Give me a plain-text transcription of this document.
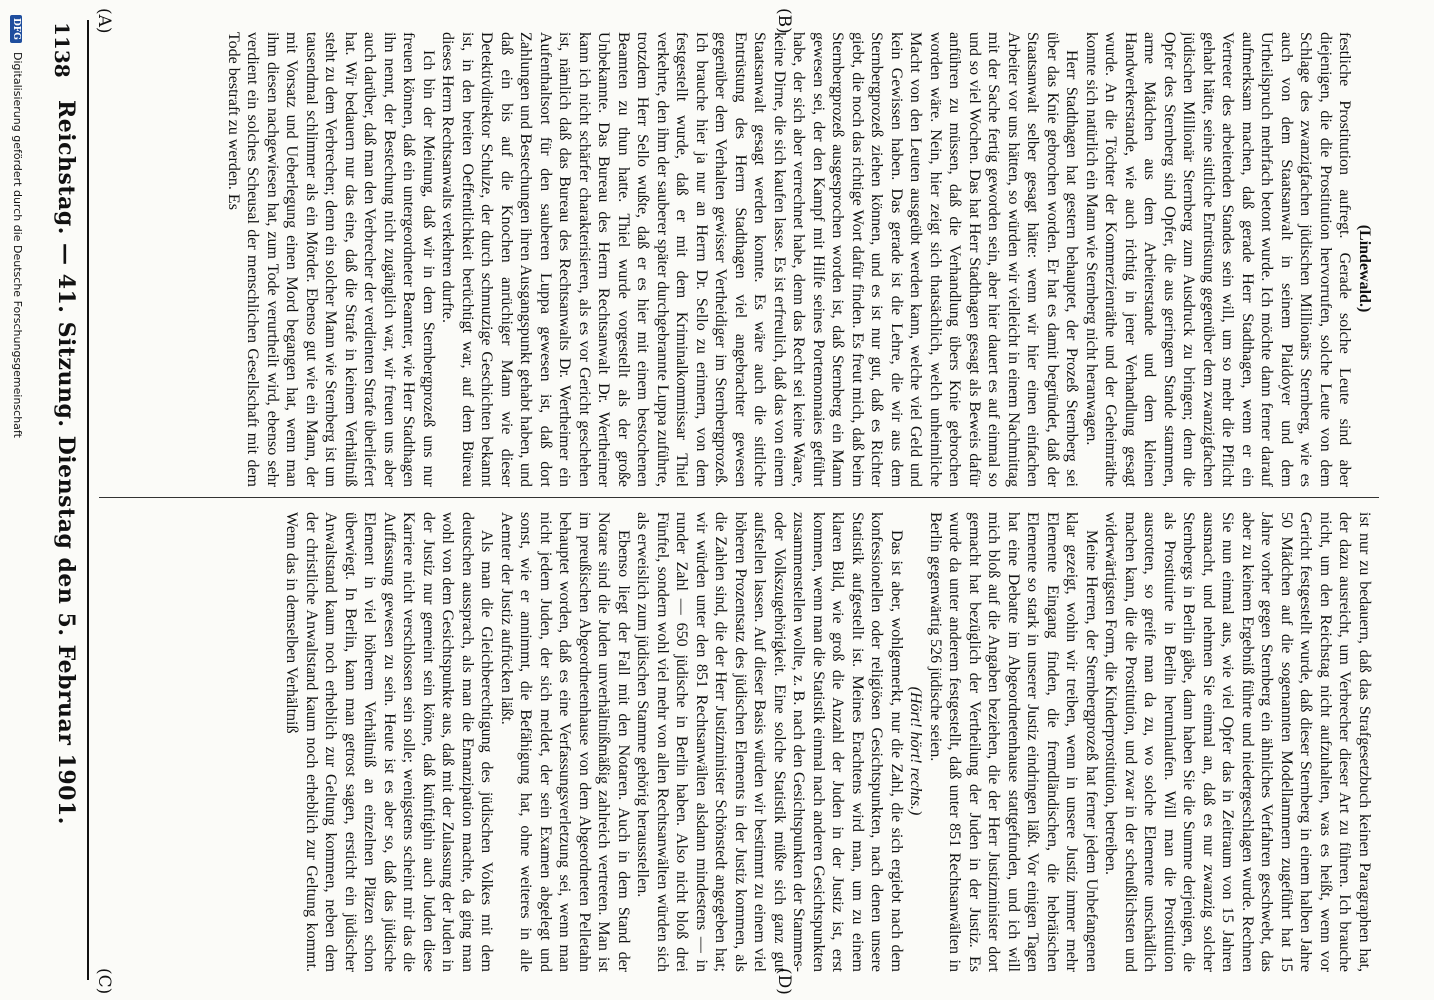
1138
Reichstag. — 41. Sitzung. Dienstag den 5. Februar 1901.
(A)	(B)
(C)	(D)

(Lindewald.)

festliche Prostitution aufregt. Gerade solche Leute sind aber diejenigen, die die Prostitution hervorrufen, solche Leute von dem Schlage des zwanzigfachen jüdischen Millionärs Sternberg, wie es auch von dem Staatsanwalt in seinem Plaidoyer und dem Urtheilspruch mehrfach betont wurde. Ich möchte dann ferner darauf aufmerksam machen, daß gerade Herr Stadthagen, wenn er ein Vertreter des arbeitenden Standes sein will, um so mehr die Pflicht gehabt hätte, seine sittliche Entrüstung gegenüber dem zwanzigfachen jüdischen Millionär Sternberg zum Ausdruck zu bringen; denn die Opfer des Sternberg sind Opfer, die aus geringem Stande stammen, arme Mädchen aus dem Arbeiterstande und dem kleinen Handwerkerstande, wie auch richtig in jener Verhandlung gesagt wurde. An die Töchter der Kommerzienräthe und der Geheimräthe konnte sich natürlich ein Mann wie Sternberg nicht heranwagen.

Herr Stadthagen hat gestern behauptet, der Prozeß Sternberg sei über das Knie gebrochen worden. Er hat es damit begründet, daß der Staatsanwalt selber gesagt hätte: wenn wir hier einen einfachen Arbeiter vor uns hätten, so würden wir vielleicht in einem Nachmittag mit der Sache fertig geworden sein, aber hier dauert es auf einmal so und so viel Wochen. Das hat Herr Stadthagen gesagt als Beweis dafür anführen zu müssen, daß die Verhandlung übers Knie gebrochen worden wäre. Nein, hier zeigt sich thatsächlich, welch unheimliche Macht von den Leuten ausgeübt werden kann, welche viel Geld und kein Gewissen haben. Das gerade ist die Lehre, die wir aus dem Sternbergprozeß ziehen können, und es ist nur gut, daß es Richter giebt, die noch das richtige Wort dafür finden. Es freut mich, daß beim Sternbergprozeß ausgesprochen worden ist, daß Sternberg ein Mann gewesen sei, der den Kampf mit Hilfe seines Portemonnaies geführt habe, der sich aber verrechnet habe, denn das Recht sei keine Waare, keine Dirne, die sich kaufen lasse. Es ist erfreulich, daß das von einem Staatsanwalt gesagt werden konnte. Es wäre auch die sittliche Entrüstung des Herrn Stadthagen viel angebrachter gewesen gegenüber dem Verhalten gewisser Vertheidiger im Sternbergprozeß. Ich brauche hier ja nur an Herrn Dr. Sello zu erinnern, von dem festgestellt wurde, daß er mit dem Kriminalkommissar Thiel verkehrte, den ihm der sauberer später durchgebrannte Luppa zuführte, trotzdem Herr Sello wußte, daß er es hier mit einem bestochenen Beamten zu thun hatte. Thiel wurde vorgestellt als der große Unbekannte. Das Bureau des Herrn Rechtsanwalt Dr. Wertheimer kann ich nicht schärfer charakterisieren, als es vor Gericht geschehen ist, nämlich daß das Bureau des Rechtsanwalts Dr. Wertheimer ein Aufenthaltsort für den sauberen Luppa gewesen ist, daß dort Zahlungen und Bestechungen ihren Ausgangspunkt gehabt haben, und daß ein bis auf die Knochen anrüchiger Mann wie dieser Detektivdirektor Schulze, der durch schmutzige Geschichten bekannt ist, in den breiten Oeffentlichkeit berüchtigt war, auf dem Büreau dieses Herrn Rechtsanwalts verkehren durfte.

Ich bin der Meinung, daß wir in dem Sternbergprozeß uns nur freuen können, daß ein untergeordneter Beamter, wie Herr Stadthagen ihn nennt, der Bestechung nicht zugänglich war, wir freuen uns aber auch darüber, daß man den Verbrecher der verdienten Strafe überliefert hat. Wir bedauern nur das eine, daß die Strafe in keinem Verhältniß steht zu dem Verbrechen; denn ein solcher Mann wie Sternberg ist um tausendmal schlimmer als ein Mörder. Ebenso gut wie ein Mann, der mit Vorsatz und Ueberlegung einen Mord begangen hat, wenn man ihm diesen nachgewiesen hat, zum Tode verurtheilt wird, ebenso sehr verdient ein solches Scheusal der menschlichen Gesellschaft mit dem Tode bestraft zu werden. Es

ist nur zu bedauern, daß das Strafgesetzbuch keinen Paragraphen hat, der dazu ausreicht, um Verbrecher dieser Art zu führen. Ich brauche nicht, um den Reichstag nicht aufzuhalten, was es heißt, wenn vor Gericht festgestellt wurde, daß dieser Sternberg in einem halben Jahre 50 Mädchen auf die sogenannten Modellammern zugeführt hat 15 Jahre vorher gegen Sternberg ein ähnliches Verfahren geschwebt, das aber zu keinem Ergebniß führte und niedergeschlagen wurde. Rechnen Sie nun einmal aus, wie viel Opfer das in Zeitraum von 15 Jahren ausmacht, und nehmen Sie einmal an, daß es nur zwanzig solcher Sternbergs in Berlin gäbe, dann haben Sie die Summe derjenigen, die als Prostituirte in Berlin herumlaufen. Will man die Prostitution ausrotten, so greife man da zu, wo solche Elemente unschädlich machen kann, die die Prostitution, und zwar in der scheußlichsten und widerwärtigsten Form, die Kinderprostitution, betreiben.

Meine Herren, der Sternbergprozeß hat ferner jedem Unbefangenen klar gezeigt, wohin wir treiben, wenn in unsere Justiz immer mehr Elemente Eingang finden, die fremdländischen, die hebräischen Elemente so stark in unserer Justiz eindringen läßt. Vor einigen Tagen hat eine Debatte im Abgeordnetenhause stattgefunden, und ich will mich bloß auf die Angaben beziehen, die der Herr Justizminister dort gemacht hat bezüglich der Vertheilung der Juden in der Justiz. Es wurde da unter anderem festgestellt, daß unter 851 Rechtsanwälten in Berlin gegenwärtig 526 jüdische seien.

(Hört! hört! rechts.)

Das ist aber, wohlgemerkt, nur die Zahl, die sich ergiebt nach dem konfessionellen oder religiösen Gesichtspunkten, nach denen unsere Statistik aufgestellt ist. Meines Erachtens wird man, um zu einem klaren Bild, wie groß die Anzahl der Juden in der Justiz ist, erst kommen, wenn man die Statistik einmal nach anderen Gesichtspunkten zusammenstellen wollte, z. B. nach den Gesichtspunkten der Stammes- oder Volkszugehörigkeit. Eine solche Statistik müßte sich ganz gut aufstellen lassen. Auf dieser Basis würden wir bestimmt zu einem viel höheren Prozentsatz des jüdischen Elements in der Justiz kommen, als die Zahlen sind, die der Herr Justizminister Schönstedt angegeben hat; wir würden unter den 851 Rechtsanwälten alsdann mindestens — in runder Zahl — 650 jüdische in Berlin haben. Also nicht bloß drei Fünftel, sondern wohl viel mehr von allen Rechtsanwälten würden sich als erweislich zum jüdischen Stamme gehörig herausstellen.

Ebenso liegt der Fall mit den Notaren. Auch in dem Stand der Notare sind die Juden unverhältnißmäßig zahlreich vertreten. Man ist im preußischen Abgeordnetenhause von dem Abgeordneten Pelletahn behauptet worden, daß es eine Verfassungsverletzung sei, wenn man nicht jedem Juden, der sich meldet, der sein Examen abgelegt und sonst, wie er annimmt, die Befähigung hat, ohne weiteres in alle Aemter der Justiz aufrücken läßt.

Als man die Gleichberechtigung des jüdischen Volkes mit dem deutschen aussprach, als man die Emanzipation machte, da ging man wohl von dem Gesichtspunkte aus, daß mit der Zulassung der Juden in der Justiz nur gemeint sein könne, daß künftighin auch Juden diese Karriere nicht verschlossen sein solle; wenigstens scheint mir das die Auffassung gewesen zu sein. Heute ist es aber so, daß das jüdische Element in viel höherem Verhältniß an einzelnen Plätzen schon überwiegt. In Berlin, kann man getrost sagen, ersticht ein jüdischer Anwaltstand kaum noch erheblich zur Geltung kommen, neben dem der christliche Anwaltstand kaum noch erheblich zur Geltung kommt. Wenn das in demselben Verhältniß

DFG Digitalisierung gefördert durch die Deutsche Forschungsgemeinschaft
